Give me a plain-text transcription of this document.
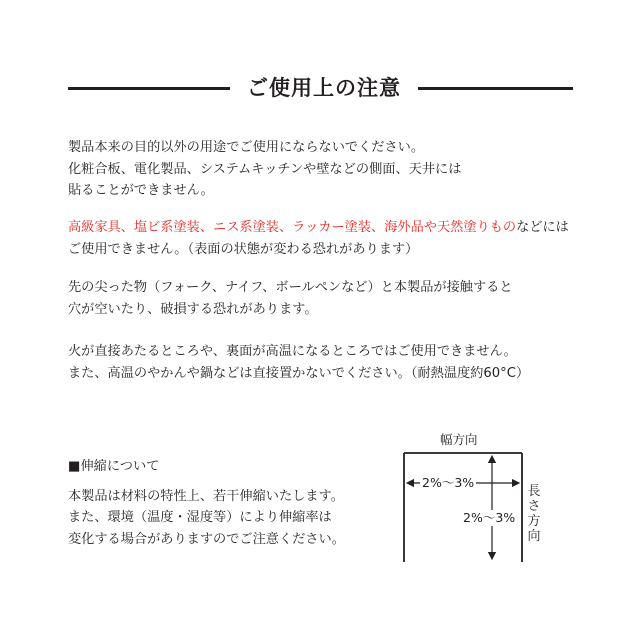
ご使用上の注意

製品本来の目的以外の用途でご使用にならないでください。

化粧合板、電化製品、システムキッチンや壁などの側面、天井には

貼ることができません。

高級家具、塩ビ系塗装、ニス系塗装、ラッカー塗装、海外品や天然塗りものなどには

ご使用できません。（表面の状態が変わる恐れがあります）

先の尖った物（フォーク、ナイフ、ボールペンなど）と本製品が接触すると

穴が空いたり、破損する恐れがあります。

火が直接あたるところや、裏面が高温になるところではご使用できません。

また、高温のやかんや鍋などは直接置かないでください。（耐熱温度約60°C）

■伸縮について

本製品は材料の特性上、若干伸縮いたします。

また、環境（温度・湿度等）により伸縮率は

変化する場合がありますのでご注意ください。

幅方向
2%〜3%
2%〜3%
長
さ
方
向
